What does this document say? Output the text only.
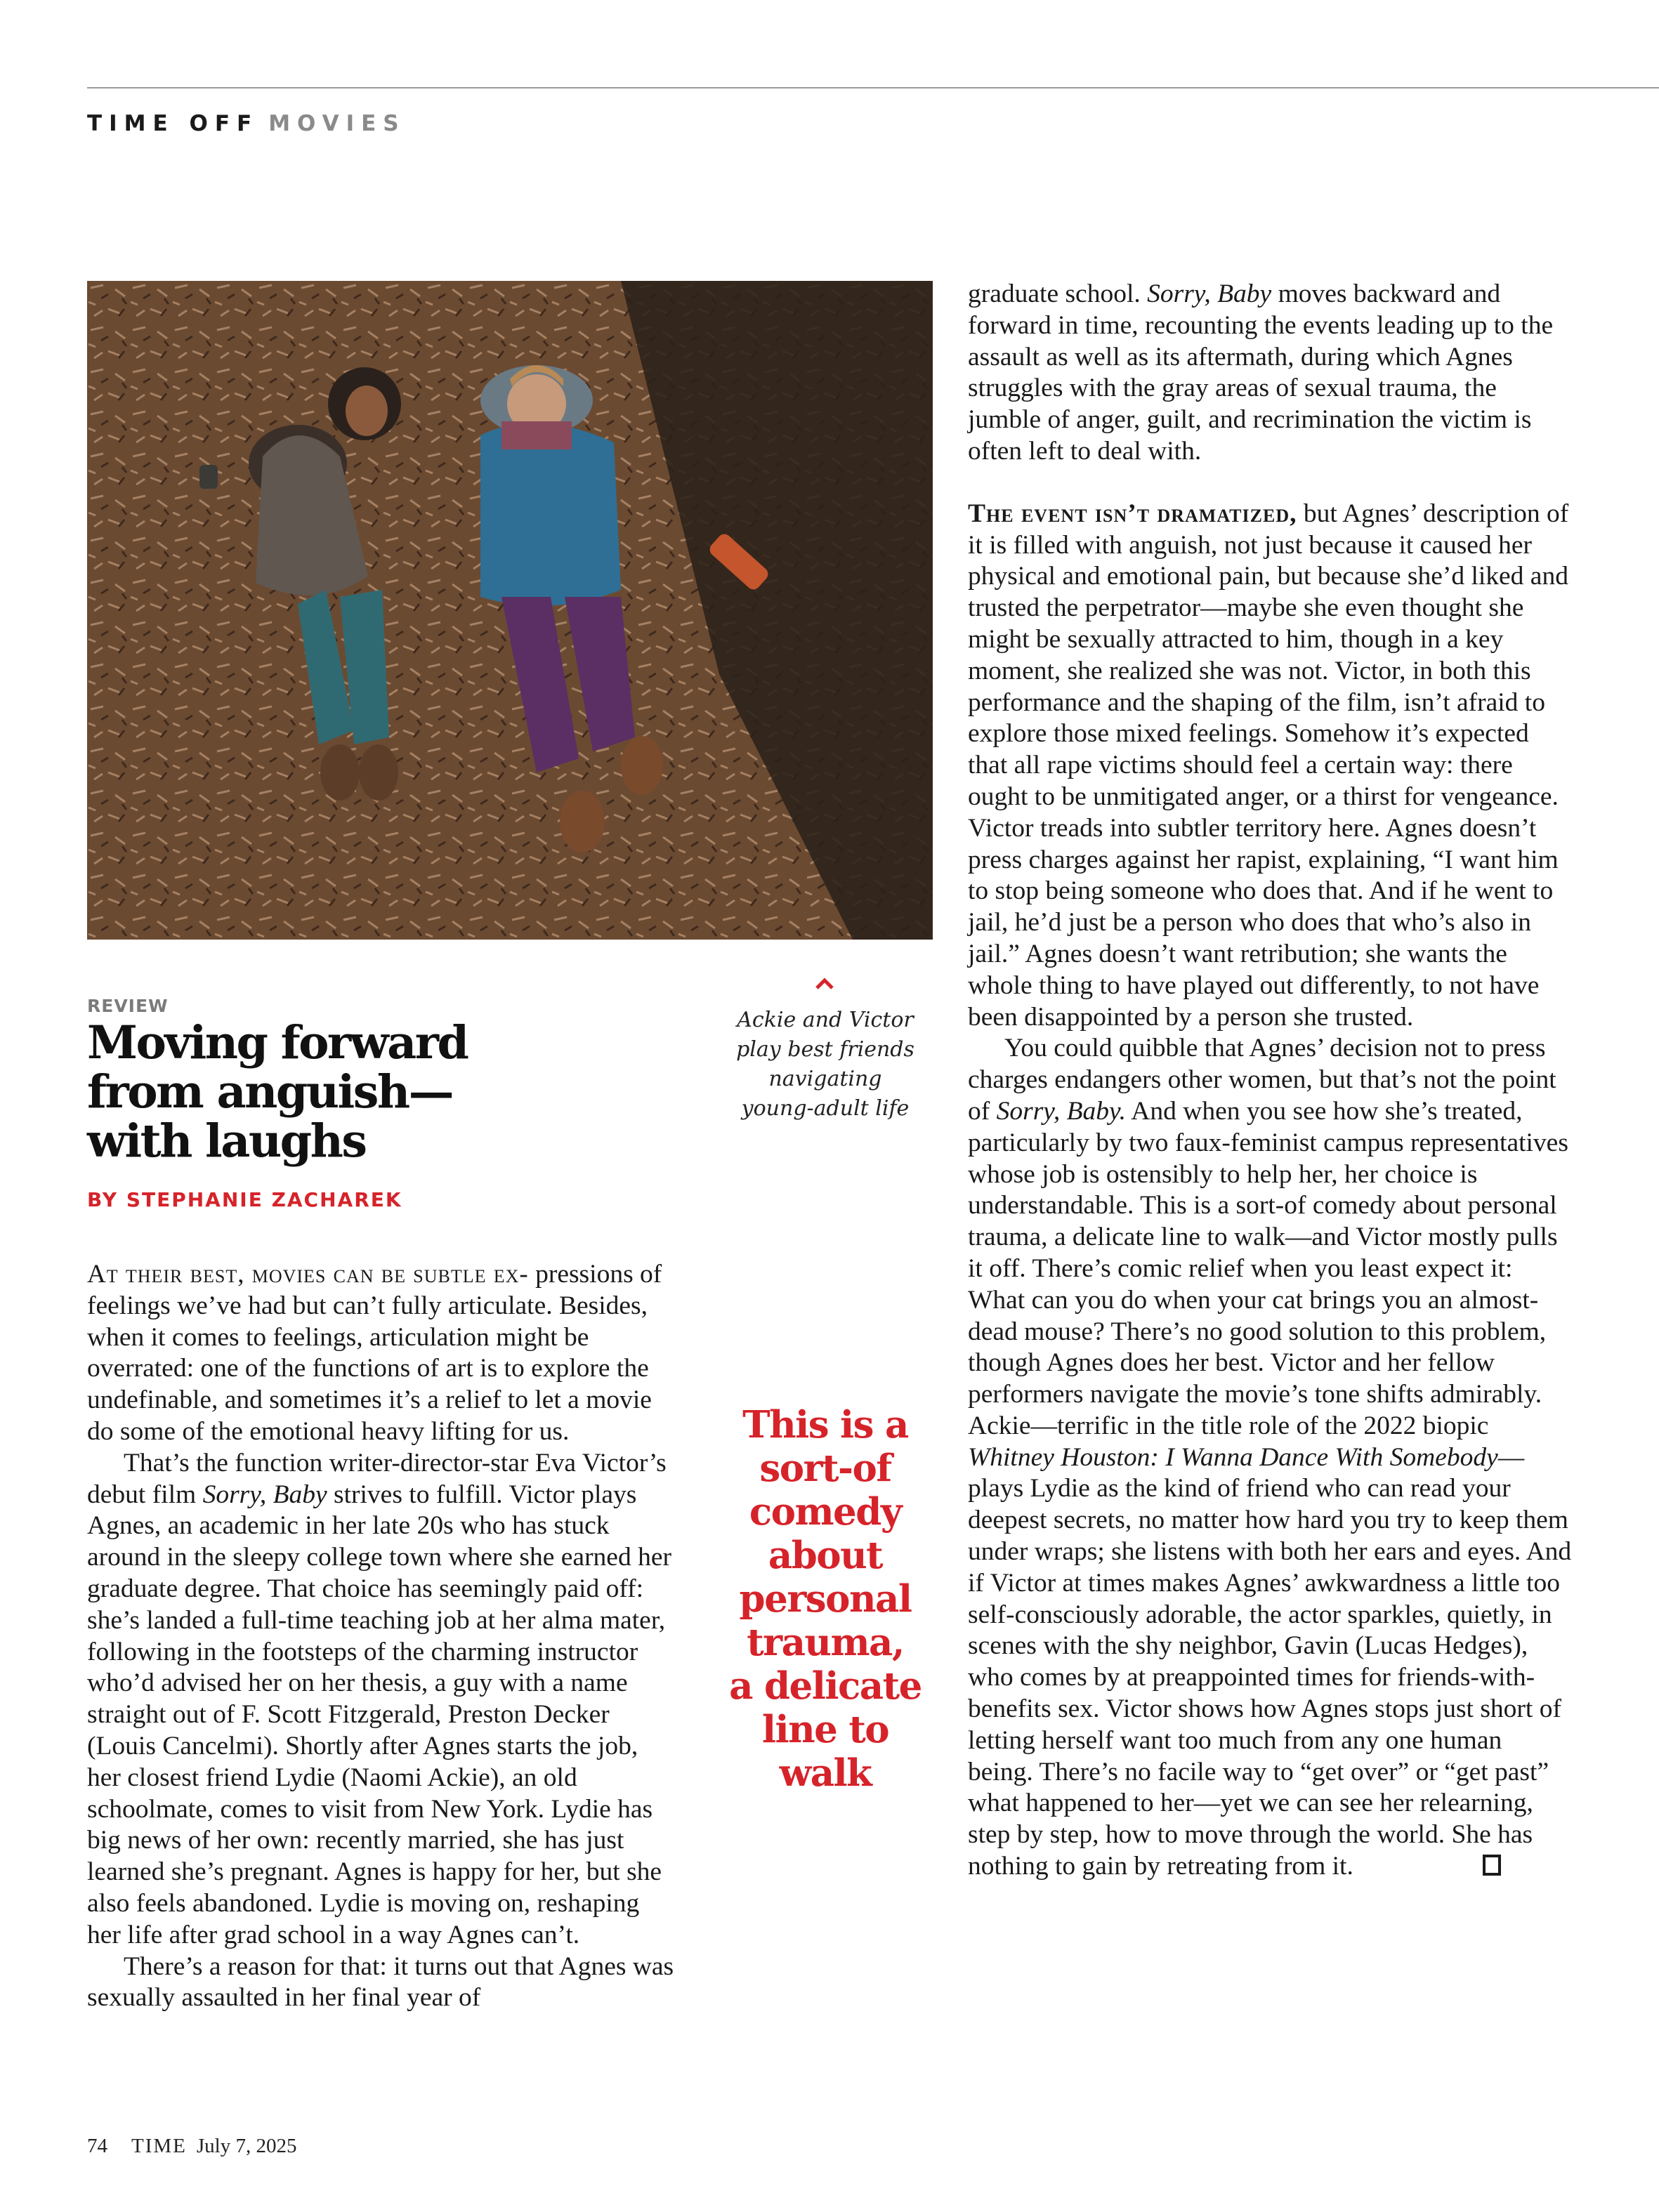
TIME OFF MOVIES
REVIEW
Moving forward
from anguish—
with laughs
BY STEPHANIE ZACHAREK
Ackie and Victor
play best friends
navigating
young-adult life
This is a
sort-of
comedy
about
personal
trauma,
a delicate
line to
walk

At their best, movies can be subtle ex- pressions of feelings we’ve had but can’t fully articulate. Besides, when it comes to feelings, articulation might be overrated: one of the functions of art is to explore the undefinable, and sometimes it’s a relief to let a movie do some of the emotional heavy lifting for us.

That’s the function writer-director-star Eva Victor’s debut film Sorry, Baby strives to fulfill. Victor plays Agnes, an academic in her late 20s who has stuck around in the sleepy college town where she earned her graduate degree. That choice has seemingly paid off: she’s landed a full-time teaching job at her alma mater, following in the footsteps of the charming instructor who’d advised her on her thesis, a guy with a name straight out of F. Scott Fitzgerald, Preston Decker (Louis Cancelmi). Shortly after Agnes starts the job, her closest friend Lydie (Naomi Ackie), an old schoolmate, comes to visit from New York. Lydie has big news of her own: recently married, she has just learned she’s pregnant. Agnes is happy for her, but she also feels abandoned. Lydie is moving on, reshaping her life after grad school in a way Agnes can’t.

There’s a reason for that: it turns out that Agnes was sexually assaulted in her final year of

graduate school. Sorry, Baby moves backward and forward in time, recounting the events leading up to the assault as well as its aftermath, during which Agnes struggles with the gray areas of sexual trauma, the jumble of anger, guilt, and recrimination the victim is often left to deal with.

The event isn’t dramatized, but Agnes’ description of it is filled with anguish, not just because it caused her physical and emotional pain, but because she’d liked and trusted the perpetrator—maybe she even thought she might be sexually attracted to him, though in a key moment, she realized she was not. Victor, in both this performance and the shaping of the film, isn’t afraid to explore those mixed feelings. Somehow it’s expected that all rape victims should feel a certain way: there ought to be unmitigated anger, or a thirst for vengeance. Victor treads into subtler territory here. Agnes doesn’t press charges against her rapist, explaining, “I want him to stop being someone who does that. And if he went to jail, he’d just be a person who does that who’s also in jail.” Agnes doesn’t want retribution; she wants the whole thing to have played out differently, to not have been disappointed by a person she trusted.

You could quibble that Agnes’ decision not to press charges endangers other women, but that’s not the point of Sorry, Baby. And when you see how she’s treated, particularly by two faux-feminist campus representatives whose job is ostensibly to help her, her choice is understandable. This is a sort-of comedy about personal trauma, a delicate line to walk—and Victor mostly pulls it off. There’s comic relief when you least expect it: What can you do when your cat brings you an almost-dead mouse? There’s no good solution to this problem, though Agnes does her best. Victor and her fellow performers navigate the movie’s tone shifts admirably. Ackie—terrific in the title role of the 2022 biopic Whitney Houston: I Wanna Dance With Somebody—plays Lydie as the kind of friend who can read your deepest secrets, no matter how hard you try to keep them under wraps; she listens with both her ears and eyes. And if Victor at times makes Agnes’ awkwardness a little too self-consciously adorable, the actor sparkles, quietly, in scenes with the shy neighbor, Gavin (Lucas Hedges), who comes by at preappointed times for friends-with-benefits sex. Victor shows how Agnes stops just short of letting herself want too much from any one human being. There’s no facile way to “get over” or “get past” what happened to her—yet we can see her relearning, step by step, how to move through the world. She has nothing to gain by retreating from it.

74 TIME July 7, 2025
